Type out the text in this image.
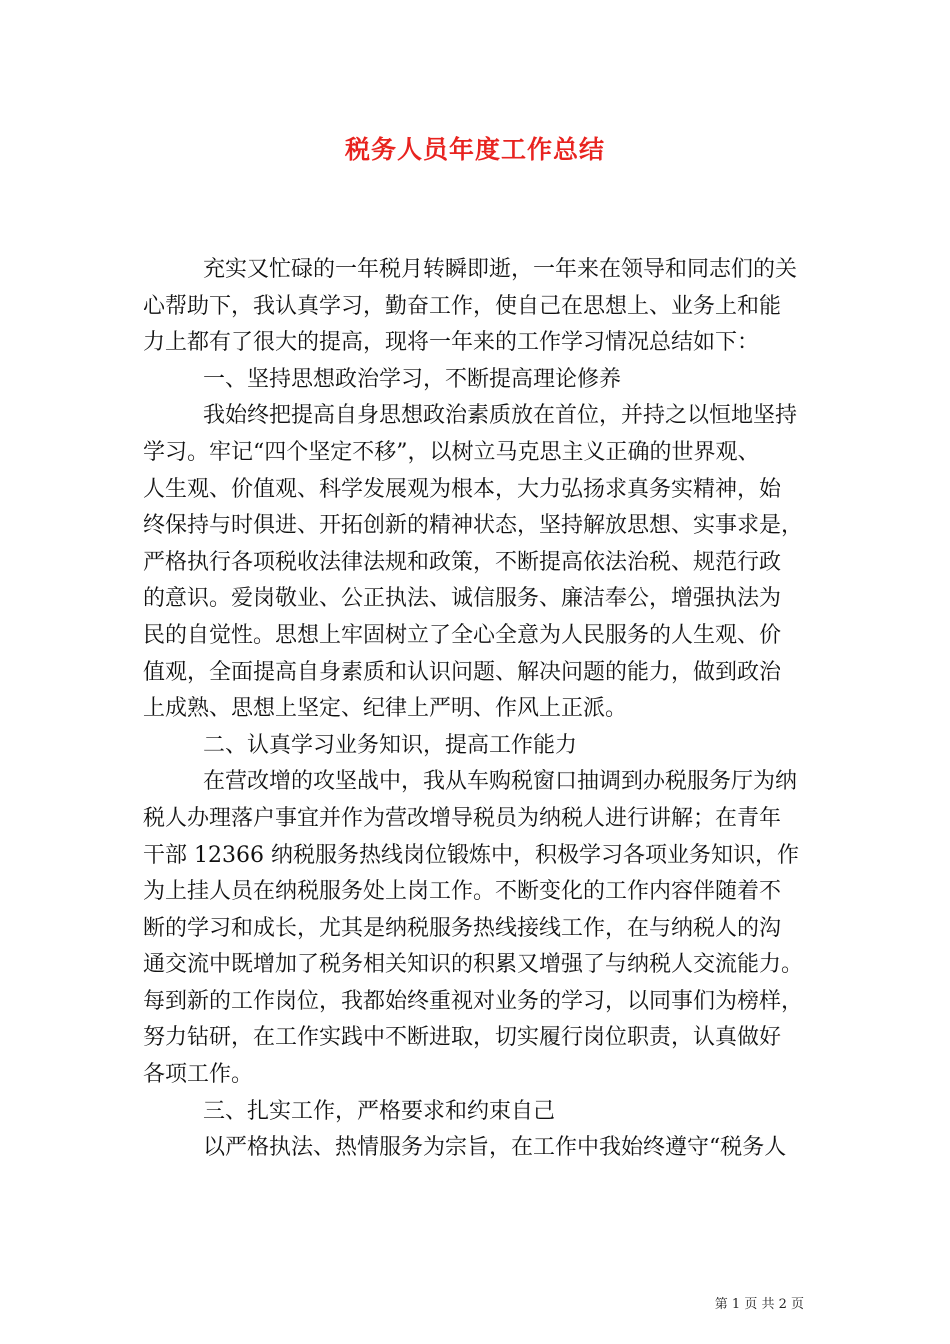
税务人员年度工作总结
充实又忙碌的一年税月转瞬即逝，一年来在领导和同志们的关
心帮助下，我认真学习，勤奋工作，使自己在思想上、业务上和能
力上都有了很大的提高，现将一年来的工作学习情况总结如下：
一、坚持思想政治学习，不断提高理论修养
我始终把提高自身思想政治素质放在首位，并持之以恒地坚持
学习。牢记“四个坚定不移”，以树立马克思主义正确的世界观、
人生观、价值观、科学发展观为根本，大力弘扬求真务实精神，始
终保持与时俱进、开拓创新的精神状态，坚持解放思想、实事求是，
严格执行各项税收法律法规和政策，不断提高依法治税、规范行政
的意识。爱岗敬业、公正执法、诚信服务、廉洁奉公，增强执法为
民的自觉性。思想上牢固树立了全心全意为人民服务的人生观、价
值观，全面提高自身素质和认识问题、解决问题的能力，做到政治
上成熟、思想上坚定、纪律上严明、作风上正派。
二、认真学习业务知识，提高工作能力
在营改增的攻坚战中，我从车购税窗口抽调到办税服务厅为纳
税人办理落户事宜并作为营改增导税员为纳税人进行讲解；在青年
干部 12366 纳税服务热线岗位锻炼中，积极学习各项业务知识，作
为上挂人员在纳税服务处上岗工作。不断变化的工作内容伴随着不
断的学习和成长，尤其是纳税服务热线接线工作，在与纳税人的沟
通交流中既增加了税务相关知识的积累又增强了与纳税人交流能力。
每到新的工作岗位，我都始终重视对业务的学习，以同事们为榜样，
努力钻研，在工作实践中不断进取，切实履行岗位职责，认真做好
各项工作。
三、扎实工作，严格要求和约束自己
以严格执法、热情服务为宗旨，在工作中我始终遵守“税务人
第 1 页 共 2 页
